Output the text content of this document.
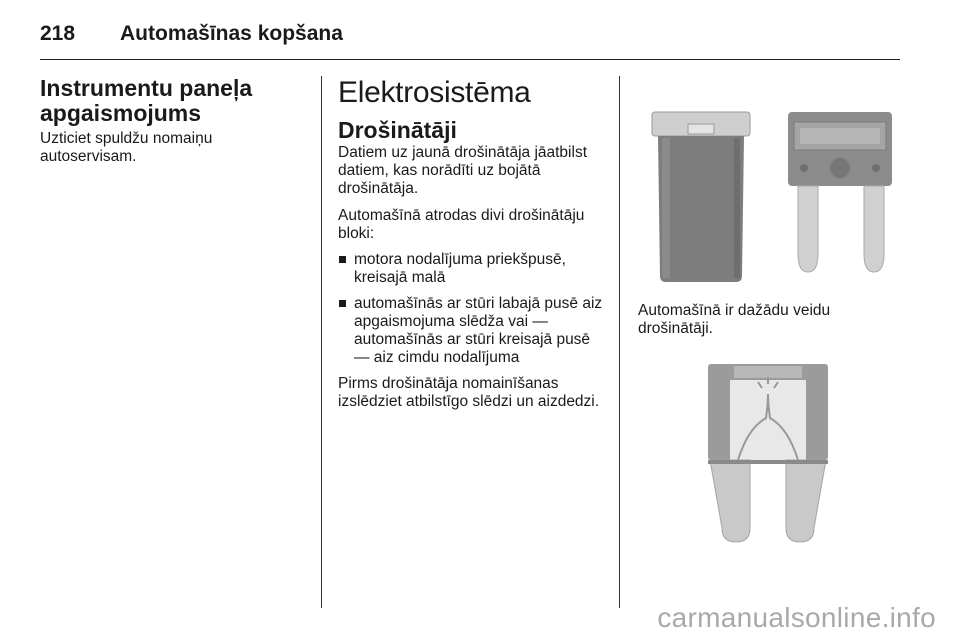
218 Automašīnas kopšana
Instrumentu paneļa apgaismojums

Uzticiet spuldžu nomaiņu autoservisam.

Elektrosistēma
Drošinātāji

Datiem uz jaunā drošinātāja jāatbilst datiem, kas norādīti uz bojātā drošinātāja.

Automašīnā atrodas divi drošinātāju bloki:

motora nodalījuma priekšpusē, kreisajā malā
automašīnās ar stūri labajā pusē aiz apgaismojuma slēdža vai — automašīnās ar stūri kreisajā pusē — aiz cimdu nodalījuma

Pirms drošinātāja nomainīšanas izslēdziet atbilstīgo slēdzi un aizdedzi.

Automašīnā ir dažādu veidu drošinātāji.

carmanualsonline.info
